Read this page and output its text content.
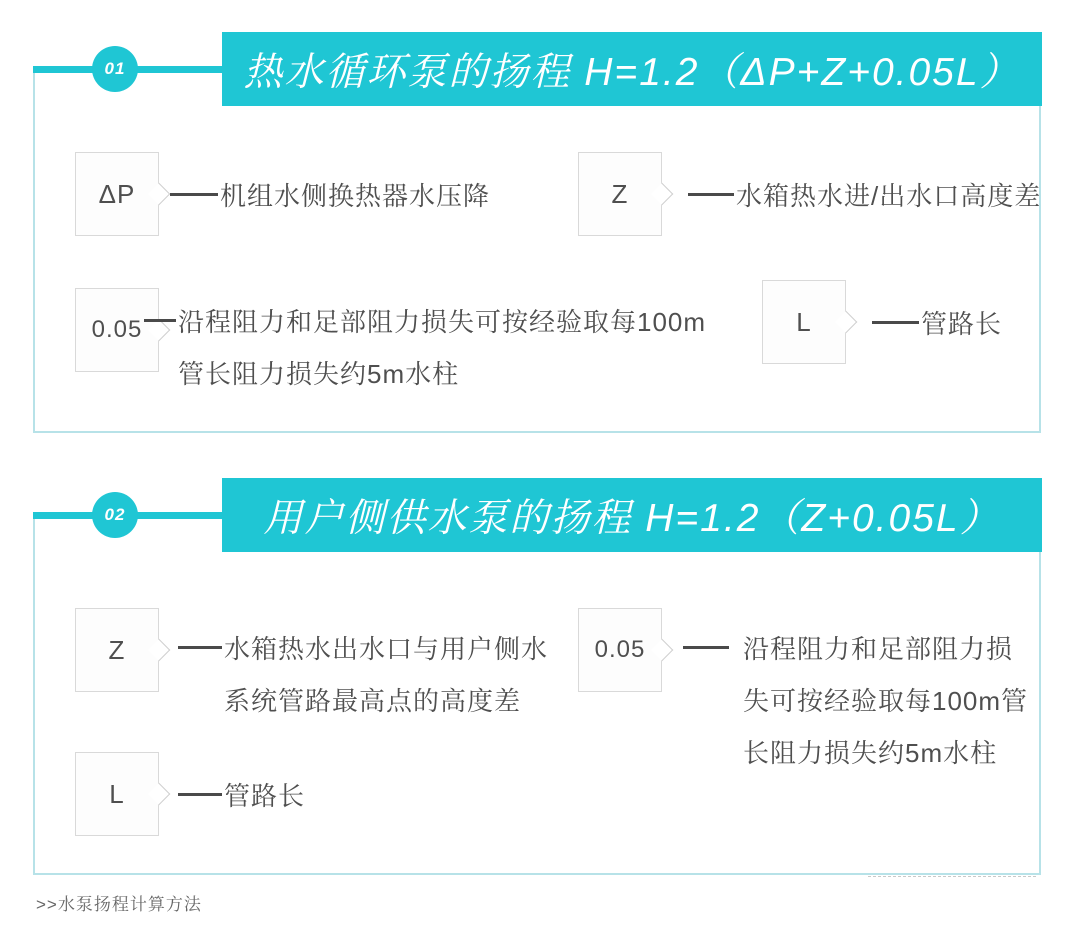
热水循环泵的扬程 H=1.2（ΔP+Z+0.05L）
01
ΔP	机组水侧换热器水压降	Z	水箱热水进/出水口高度差
0.05 沿程阻力和足部阻力损失可按经验取每100m
管长阻力损失约5m水柱
L	管路长
用户侧供水泵的扬程 H=1.2（Z+0.05L）
02
Z	水箱热水出水口与用户侧水
系统管路最高点的高度差
0.05	沿程阻力和足部阻力损
失可按经验取每100m管
长阻力损失约5m水柱
L	管路长
>>水泵扬程计算方法
